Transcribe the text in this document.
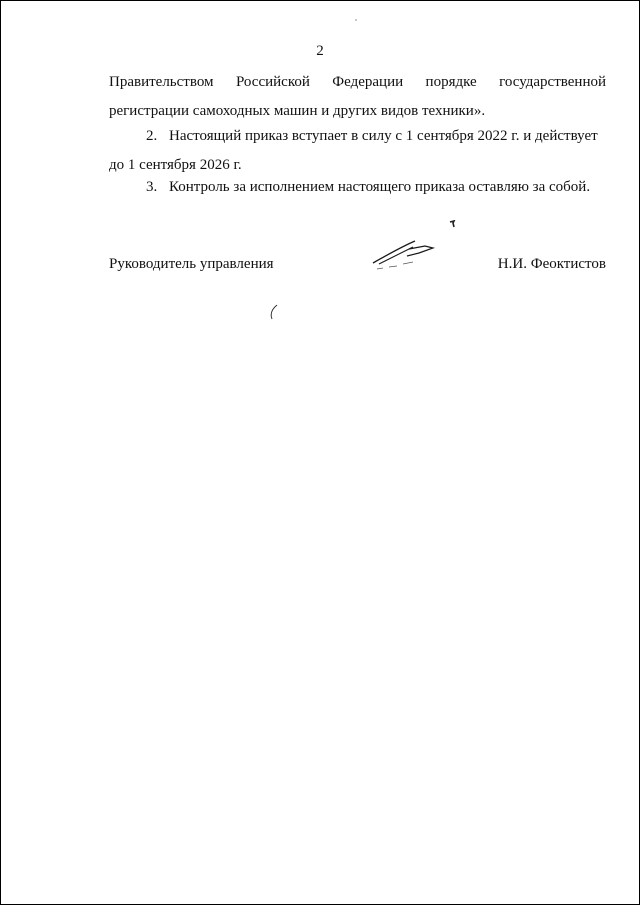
2
Правительством Российской Федерации порядке государственной
регистрации самоходных машин и других видов техники».
2. Настоящий приказ вступает в силу с 1 сентября 2022 г. и действует
до 1 сентября 2026 г.
3. Контроль за исполнением настоящего приказа оставляю за собой.
Руководитель управления	Н.И. Феоктистов
